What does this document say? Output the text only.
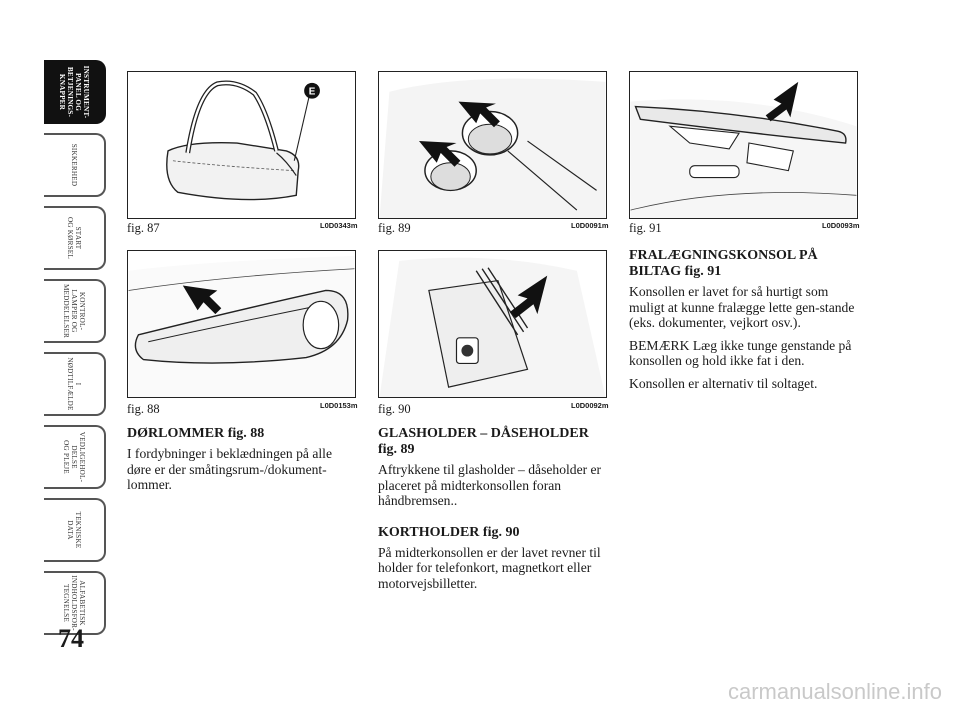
INSTRUMENT-
PANEL OG
BETJENINGS-
KNAPPER
SIKKERHED
START
OG KØRSEL
KONTROL-
LAMPER OG
MEDDELELSER
I
NØDTILFÆLDE
VEDLIGEHOL-
DELSE
OG PLEJE
TEKNISKE
DATA
ALFABETISK
INDHOLDSFOR-
TEGNELSE
74
E
fig. 87	L0D0343m
fig. 88	L0D0153m
fig. 89	L0D0091m
fig. 90	L0D0092m
fig. 91	L0D0093m
DØRLOMMER fig. 88

I fordybninger i beklædningen på alle døre er der småtingsrum-/dokument-lommer.

GLASHOLDER – DÅSEHOLDER fig. 89

Aftrykkene til glasholder – dåseholder er placeret på midterkonsollen foran håndbremsen..

KORTHOLDER fig. 90

På midterkonsollen er der lavet revner til holder for telefonkort, magnetkort eller motorvejsbilletter.

FRALÆGNINGSKONSOL PÅ BILTAG fig. 91

Konsollen er lavet for så hurtigt som muligt at kunne fralægge lette gen-stande (eks. dokumenter, vejkort osv.).

BEMÆRK Læg ikke tunge genstande på konsollen og hold ikke fat i den.

Konsollen er alternativ til soltaget.

carmanualsonline.info
